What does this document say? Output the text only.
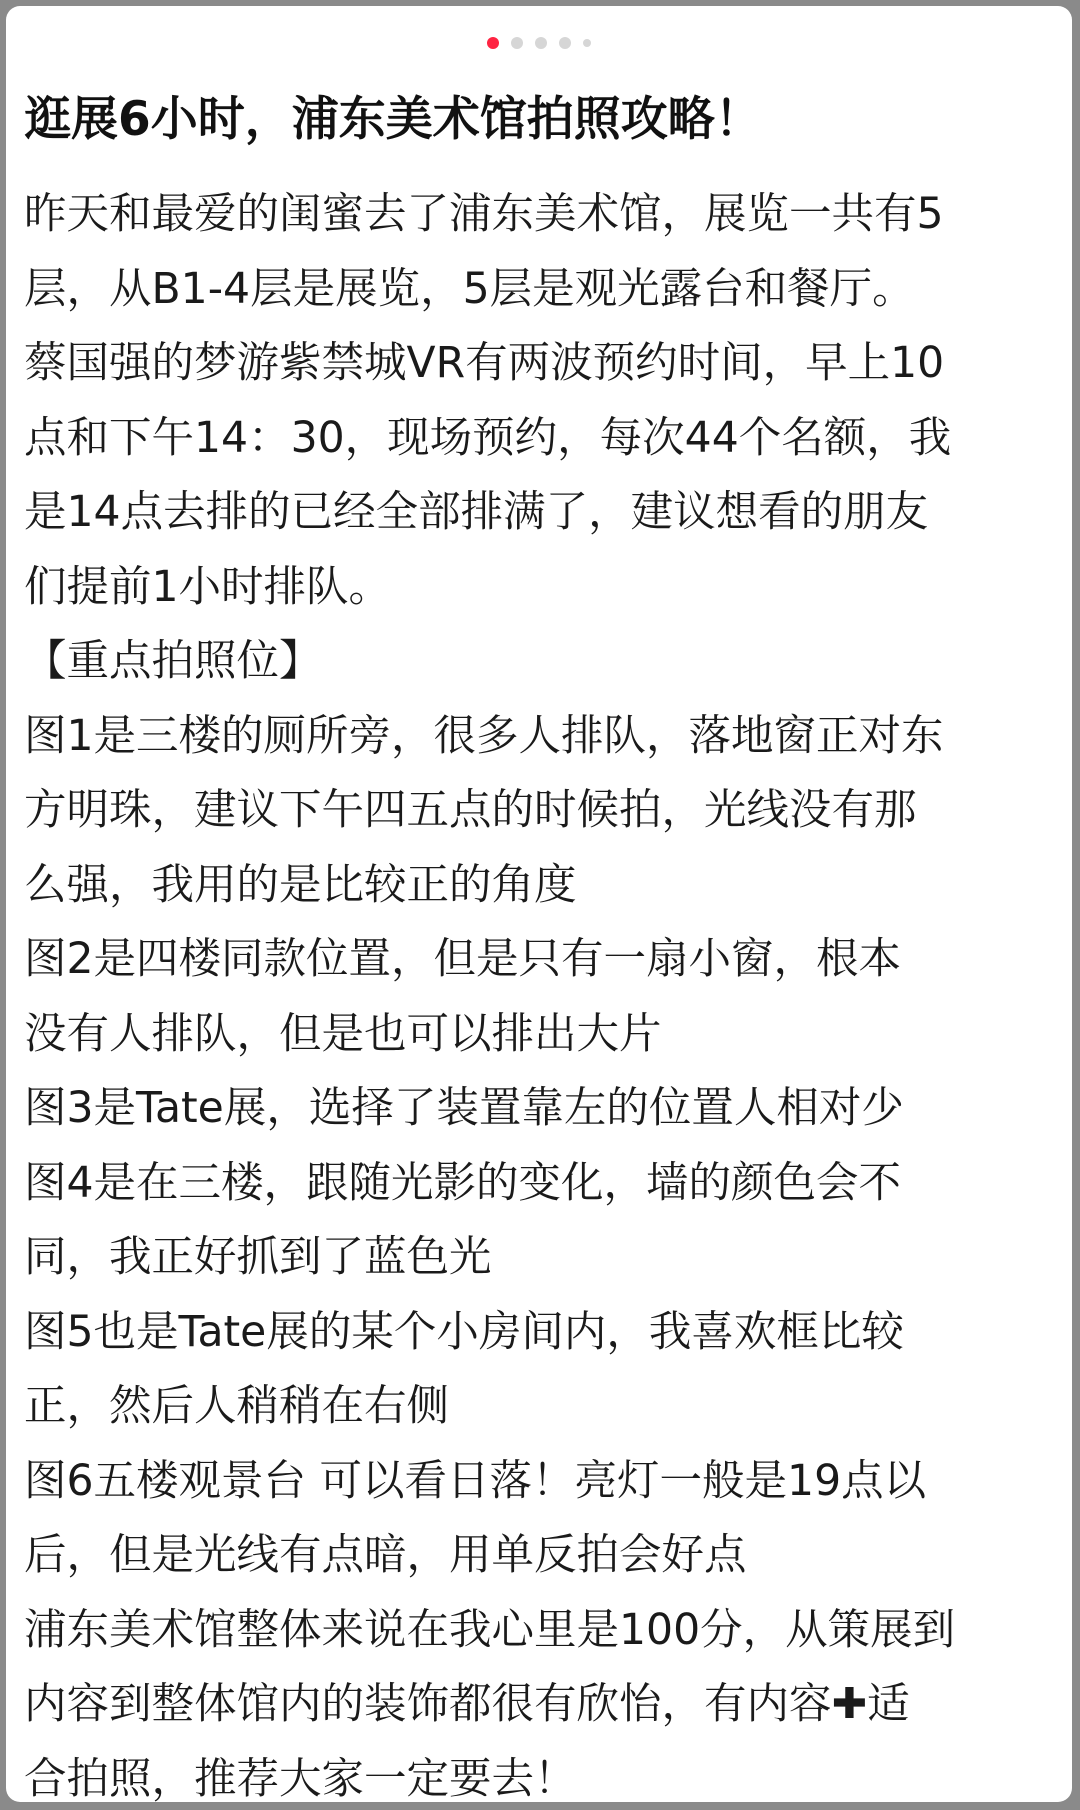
逛展6小时，浦东美术馆拍照攻略！
昨天和最爱的闺蜜去了浦东美术馆，展览一共有5
层，从B1-4层是展览，5层是观光露台和餐厅。
蔡国强的梦游紫禁城VR有两波预约时间，早上10
点和下午14：30，现场预约，每次44个名额，我
是14点去排的已经全部排满了，建议想看的朋友
们提前1小时排队。
【重点拍照位】
图1是三楼的厕所旁，很多人排队，落地窗正对东
方明珠，建议下午四五点的时候拍，光线没有那
么强，我用的是比较正的角度
图2是四楼同款位置，但是只有一扇小窗，根本
没有人排队，但是也可以排出大片
图3是Tate展，选择了装置靠左的位置人相对少
图4是在三楼，跟随光影的变化，墙的颜色会不
同，我正好抓到了蓝色光
图5也是Tate展的某个小房间内，我喜欢框比较
正，然后人稍稍在右侧
图6五楼观景台 可以看日落！亮灯一般是19点以
后，但是光线有点暗，用单反拍会好点
浦东美术馆整体来说在我心里是100分，从策展到
内容到整体馆内的装饰都很有欣怡，有内容✚适
合拍照，推荐大家一定要去！
